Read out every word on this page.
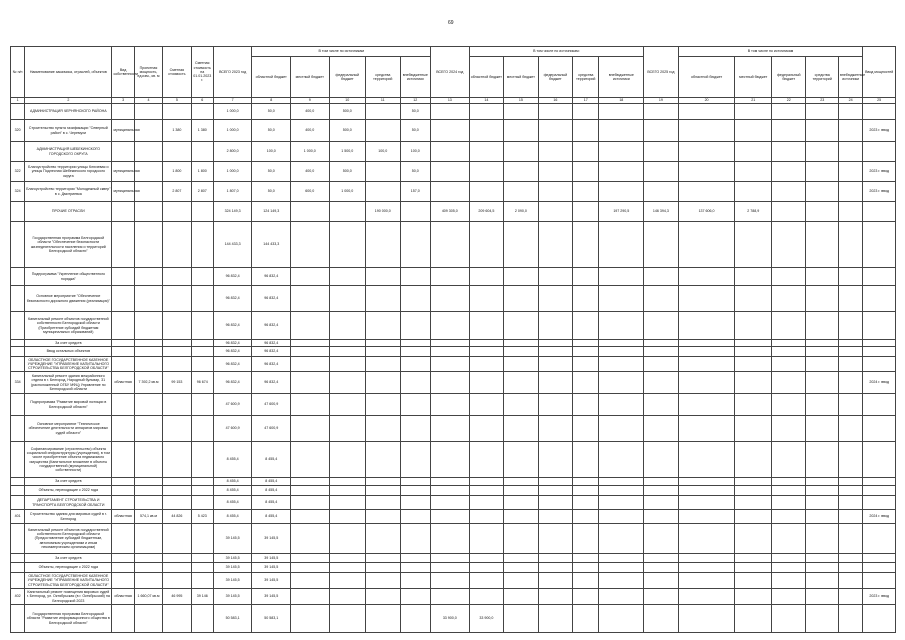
69
№ п/п	Наименование заказчика, отраслей, объектов	Вид собственности	Проектная мощность, ед.изм., кв. м	Сметная стоимость	Сметная стоимость на 01.01.2023 г.	ВСЕГО 2023 год	В том числе по источникам					ВСЕГО 2024 год	В том числе по источникам:					ВСЕГО 2025 год	В том числе по источникам					Ввод мощностей
							областной бюджет	местный бюджет	федеральный бюджет	средства территорий	внебюджетные источники		областной бюджет	местный бюджет	федеральный бюджет	средства территорий	внебюджетные источники		областной бюджет	местный бюджет	федеральный бюджет	средства территорий	внебюджетные источники	
1	2	3	4	5	6	7	8	9	10	11	12	13	14	15	16	17	18	19	20	21	22	23	24	25
	АДМИНИСТРАЦИЯ ЧЕРНЯНСКОГО РАЙОНА					1 000,0	50,0	400,0	500,0		50,0													
320	Строительство пункта газификации "Северный район" в с. Черемухи	муниципальная		1 380	1 380	1 000,0	50,0	400,0	500,0		50,0													2023 г. ввод
	АДМИНИСТРАЦИЯ ШЕБЕКИНСКОГО ГОРОДСКОГО ОКРУГА					2 800,0	100,0	1 000,0	1 500,0	100,0	100,0													
322	Благоустройство территории улицы Ключевая и улицы Подлесная Шебекинского городского округа	муниципальная		1 800	1 800	1 000,0	50,0	400,0	500,0		50,0													2023 г. ввод
324	Благоустройство территории "Молодежный сквер" в с. Дмитриевка	муниципальная		2 807	2 807	1 807,0	50,0	600,0	1 000,0		157,0													2023 г. ввод
	ПРОЧИЕ ОТРАСЛИ					324 149,3	124 149,3			190 000,0		409 305,0	209 604,5	2 090,0			197 290,5	146 394,3	137 606,0	2 788,9				
	Государственная программа Белгородской области "Обеспечение безопасности жизнедеятельности населения и территорий Белгородской области"					144 433,3	144 433,3																	
	Подпрограмма "Укрепление общественного порядка"					96 832,4	96 832,4																	
	Основное мероприятие "Обеспечение безопасности дорожного движения (реализация)"					96 832,4	96 832,4																	
	Капитальный ремонт объектов государственной собственности Белгородской области (Приобретение субсидий бюджетам муниципальных образований)					96 832,4	96 832,4																	
	За счет средств					96 832,4	96 832,4																	
	Ввод остальных объектов					96 832,4	96 832,4																	
	ОБЛАСТНОЕ ГОСУДАРСТВЕННОЕ КАЗЕННОЕ УЧРЕЖДЕНИЕ "УПРАВЛЕНИЕ КАПИТАЛЬНОГО СТРОИТЕЛЬСТВА БЕЛГОРОДСКОЙ ОБЛАСТИ"					96 832,4	96 832,4																	
334	Капитальный ремонт здания межрайонного отдела в г. Белгород, Народный бульвар, 31 (расположенный ОГБУ МФЦ) Управление по Белгородской области	областная	7 392,2 кв.м	99 153	96 674	96 832,4	96 832,4																	2024 г. ввод
	Подпрограмма "Развитие мировой юстиции в Белгородской области"					47 600,9	47 600,9																	
	Основное мероприятие "Техническое обеспечение деятельности аппаратов мировых судей области"					47 600,9	47 600,9																	
	Софинансирование (строительство) объекта социальной инфраструктуры (учреждения), в том числе приобретение объекта недвижимого имущества (Капитальное вложение в объекты государственной (муниципальной) собственности)					8 455,4	8 455,4																	
	За счет средств					8 455,4	8 455,4																	
	Объекты, переходящие с 2022 года					8 455,4	8 455,4																	
	ДЕПАРТАМЕНТ СТРОИТЕЛЬСТВА И ТРАНСПОРТА БЕЛГОРОДСКОЙ ОБЛАСТИ					8 455,4	8 455,4																	
401	Строительство здания для мировых судей в г. Белгород	областная	574,1 кв.м	44 826	5 423	8 455,4	8 455,4																	2024 г. ввод
	Капитальный ремонт объектов государственной собственности Белгородской области (Предоставление субсидий бюджетным, автономным учреждениям и иным некоммерческим организациям)					39 145,5	39 145,5																	
	За счет средств					39 145,5	39 145,5																	
	Объекты, переходящие с 2022 года					39 145,5	39 145,5																	
	ОБЛАСТНОЕ ГОСУДАРСТВЕННОЕ КАЗЕННОЕ УЧРЕЖДЕНИЕ "УПРАВЛЕНИЕ КАПИТАЛЬНОГО СТРОИТЕЛЬСТВА БЕЛГОРОДСКОЙ ОБЛАСТИ"					39 145,5	39 145,5																	
402	Капитальный ремонт помещения мировых судей г. Белгород, ул. Октябрьская (в г. Октябрьский) на Белгородской 2023	областная	1 660,07 кв.м	46 995	39 146	39 145,5	39 145,5																	2023 г. ввод
	Государственная программа Белгородской области "Развитие информационного общества в Белгородской области"					50 583,1	50 583,1					33 900,0	33 900,0											
